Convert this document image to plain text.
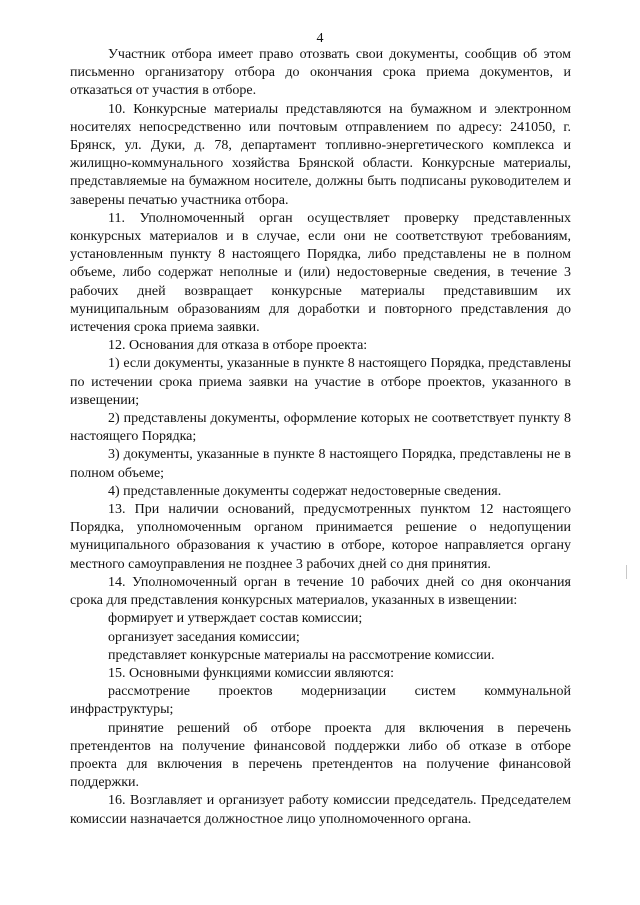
4

Участник отбора имеет право отозвать свои документы, сообщив об этом письменно организатору отбора до окончания срока приема документов, и отказаться от участия в отборе.

10. Конкурсные материалы представляются на бумажном и электронном носителях непосредственно или почтовым отправлением по адресу: 241050, г. Брянск, ул. Дуки, д. 78, департамент топливно-энергетического комплекса и жилищно-коммунального хозяйства Брянской области. Конкурсные материалы, представляемые на бумажном носителе, должны быть подписаны руководителем и заверены печатью участника отбора.

11. Уполномоченный орган осуществляет проверку представленных конкурсных материалов и в случае, если они не соответствуют требованиям, установленным пункту 8 настоящего Порядка, либо представлены не в полном объеме, либо содержат неполные и (или) недостоверные сведения, в течение 3 рабочих дней возвращает конкурсные материалы представившим их муниципальным образованиям для доработки и повторного представления до истечения срока приема заявки.

12. Основания для отказа в отборе проекта:

1) если документы, указанные в пункте 8 настоящего Порядка, представлены по истечении срока приема заявки на участие в отборе проектов, указанного в извещении;

2) представлены документы, оформление которых не соответствует пункту 8 настоящего Порядка;

3) документы, указанные в пункте 8 настоящего Порядка, представлены не в полном объеме;

4) представленные документы содержат недостоверные сведения.

13. При наличии оснований, предусмотренных пунктом 12 настоящего Порядка, уполномоченным органом принимается решение о недопущении муниципального образования к участию в отборе, которое направляется органу местного самоуправления не позднее 3 рабочих дней со дня принятия.

14. Уполномоченный орган в течение 10 рабочих дней со дня окончания срока для представления конкурсных материалов, указанных в извещении:

формирует и утверждает состав комиссии;

организует заседания комиссии;

представляет конкурсные материалы на рассмотрение комиссии.

15. Основными функциями комиссии являются:

рассмотрение проектов модернизации систем коммунальной инфраструктуры;

принятие решений об отборе проекта для включения в перечень претендентов на получение финансовой поддержки либо об отказе в отборе проекта для включения в перечень претендентов на получение финансовой поддержки.

16. Возглавляет и организует работу комиссии председатель. Председателем комиссии назначается должностное лицо уполномоченного органа.
